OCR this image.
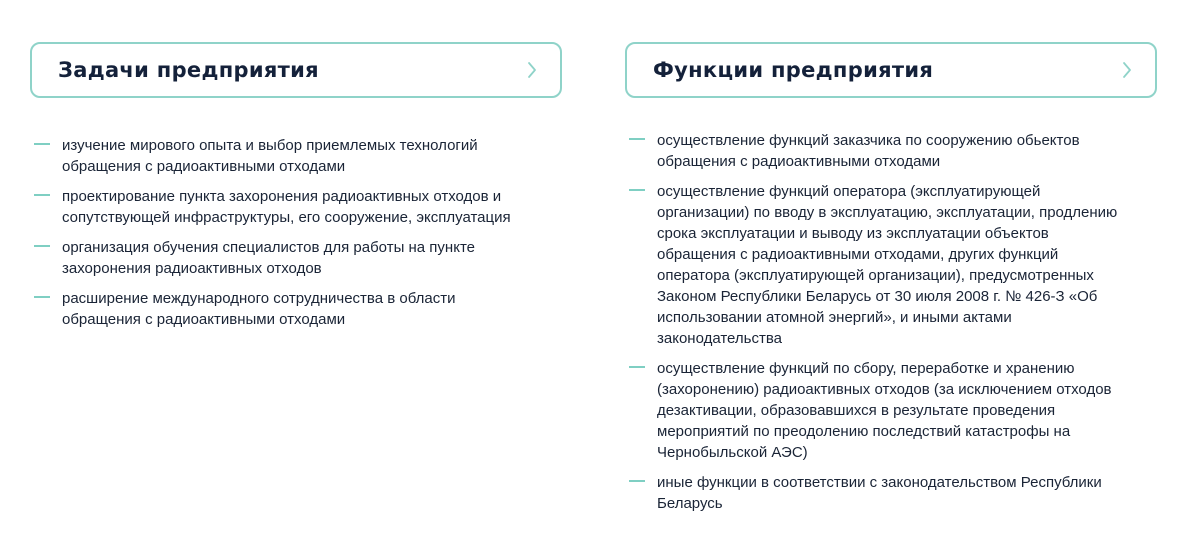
Задачи предприятия
изучение мирового опыта и выбор приемлемых технологий
обращения с радиоактивными отходами
проектирование пункта захоронения радиоактивных отходов и
сопутствующей инфраструктуры, его сооружение, эксплуатация
организация обучения специалистов для работы на пункте
захоронения радиоактивных отходов
расширение международного сотрудничества в области
обращения с радиоактивными отходами
Функции предприятия
осуществление функций заказчика по сооружению обьектов
обращения с радиоактивными отходами
осуществление функций оператора (эксплуатирующей
организации) по вводу в эксплуатацию, эксплуатации, продлению
срока эксплуатации и выводу из эксплуатации объектов
обращения с радиоактивными отходами, других функций
оператора (эксплуатирующей организации), предусмотренных
Законом Республики Беларусь от 30 июля 2008 г. № 426-З «Об
использовании атомной энергий», и иными актами
законодательства
осуществление функций по сбору, переработке и хранению
(захоронению) радиоактивных отходов (за исключением отходов
дезактивации, образовавшихся в результате проведения
мероприятий по преодолению последствий катастрофы на
Чернобыльской АЭС)
иные функции в соответствии с законодательством Республики
Беларусь
